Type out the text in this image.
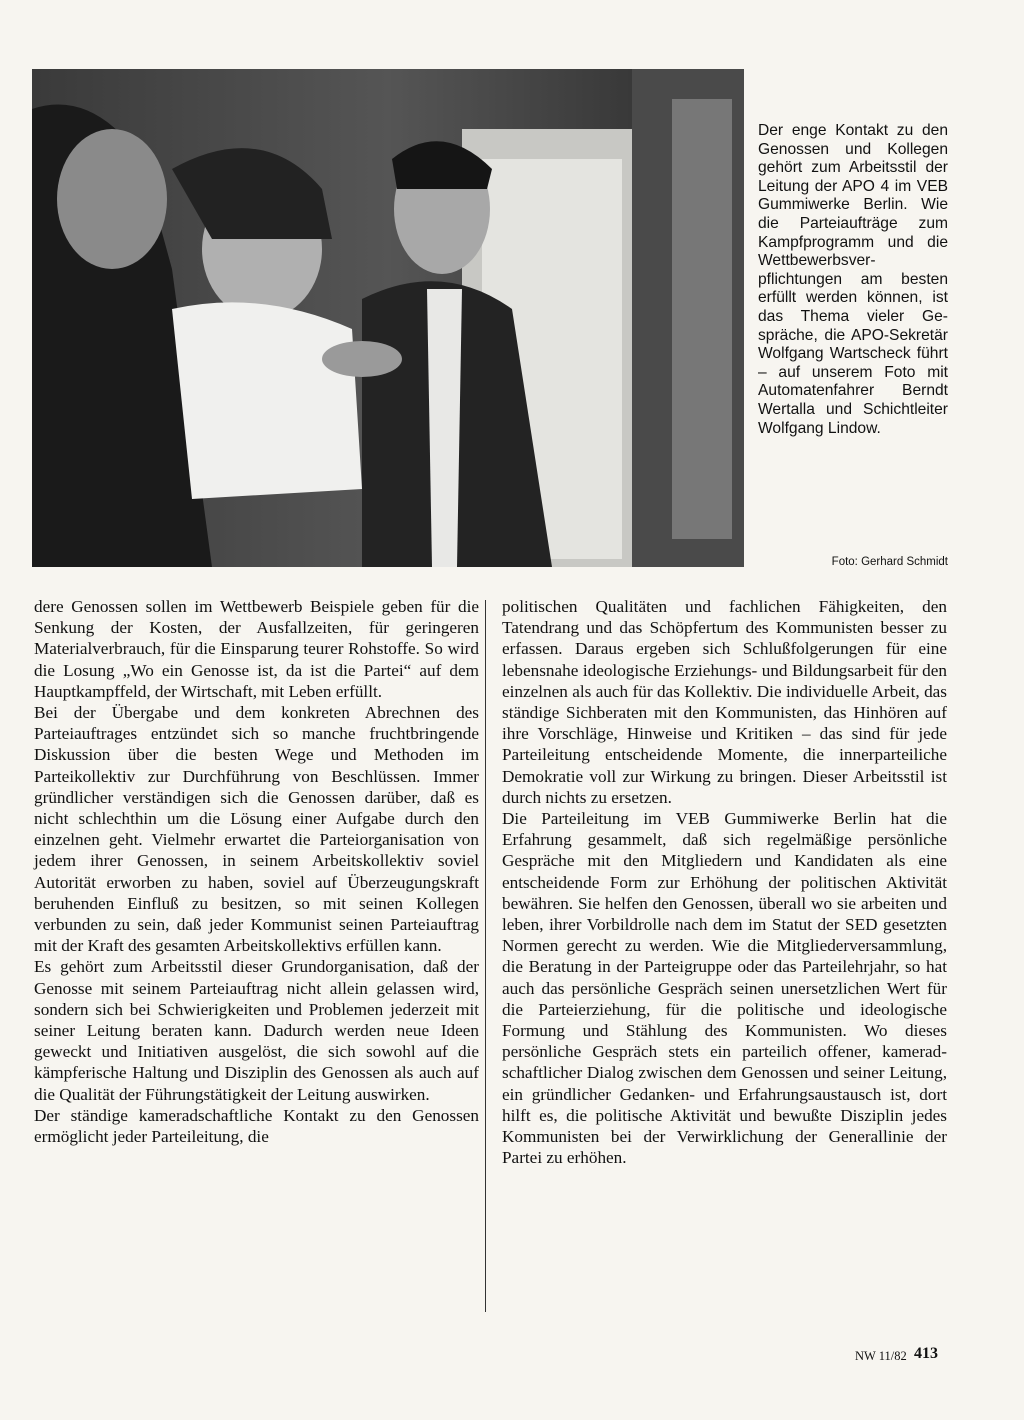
Der enge Kontakt zu den Genossen und Kollegen gehört zum Arbeitsstil der Leitung der APO 4 im VEB Gummiwerke Berlin. Wie die Parteiaufträge zum Kampfprogramm und die Wettbewerbsverpflichtungen am besten erfüllt werden können, ist das Thema vieler Gespräche, die APO-Sekretär Wolfgang Wartscheck führt – auf unserem Foto mit Automatenfahrer Berndt Wertalla und Schichtleiter Wolfgang Lindow.
Foto: Gerhard Schmidt

dere Genossen sollen im Wettbewerb Beispiele geben für die Senkung der Kosten, der Ausfallzeiten, für geringeren Materialverbrauch, für die Einsparung teurer Rohstoffe. So wird die Losung „Wo ein Genosse ist, da ist die Partei“ auf dem Hauptkampffeld, der Wirtschaft, mit Leben erfüllt.

Bei der Übergabe und dem konkreten Abrechnen des Parteiauftrages entzündet sich so manche fruchtbringende Diskussion über die besten Wege und Methoden im Parteikollektiv zur Durchführung von Beschlüssen. Immer gründlicher verständigen sich die Genossen darüber, daß es nicht schlechthin um die Lösung einer Aufgabe durch den einzelnen geht. Vielmehr erwartet die Parteiorganisation von jedem ihrer Genossen, in seinem Arbeitskollektiv soviel Autorität erworben zu haben, soviel auf Überzeugungskraft beruhenden Einfluß zu besitzen, so mit seinen Kollegen verbunden zu sein, daß jeder Kommunist seinen Parteiauftrag mit der Kraft des gesamten Arbeitskollektivs erfüllen kann.

Es gehört zum Arbeitsstil dieser Grundorganisation, daß der Genosse mit seinem Parteiauftrag nicht allein gelassen wird, sondern sich bei Schwierigkeiten und Problemen jederzeit mit seiner Leitung beraten kann. Dadurch werden neue Ideen geweckt und Initiativen ausgelöst, die sich sowohl auf die kämpferische Haltung und Disziplin des Genossen als auch auf die Qualität der Führungstätigkeit der Leitung auswirken.

Der ständige kameradschaftliche Kontakt zu den Genossen ermöglicht jeder Parteileitung, die

politischen Qualitäten und fachlichen Fähigkeiten, den Tatendrang und das Schöpfertum des Kommunisten besser zu erfassen. Daraus ergeben sich Schlußfolgerungen für eine lebensnahe ideologische Erziehungs- und Bildungsarbeit für den einzelnen als auch für das Kollektiv. Die individuelle Arbeit, das ständige Sichberaten mit den Kommunisten, das Hinhören auf ihre Vorschläge, Hinweise und Kritiken – das sind für jede Parteileitung entscheidende Momente, die innerparteiliche Demokratie voll zur Wirkung zu bringen. Dieser Arbeitsstil ist durch nichts zu ersetzen.

Die Parteileitung im VEB Gummiwerke Berlin hat die Erfahrung gesammelt, daß sich regelmäßige persönliche Gespräche mit den Mitgliedern und Kandidaten als eine entscheidende Form zur Erhöhung der politischen Aktivität bewähren. Sie helfen den Genossen, überall wo sie arbeiten und leben, ihrer Vorbildrolle nach dem im Statut der SED gesetzten Normen gerecht zu werden. Wie die Mitgliederversammlung, die Beratung in der Parteigruppe oder das Parteilehrjahr, so hat auch das persönliche Gespräch seinen unersetzlichen Wert für die Parteierziehung, für die politische und ideologische Formung und Stählung des Kommunisten. Wo dieses persönliche Gespräch stets ein parteilich offener, kameradschaftlicher Dialog zwischen dem Genossen und seiner Leitung, ein gründlicher Gedanken- und Erfahrungsaustausch ist, dort hilft es, die politische Aktivität und bewußte Disziplin jedes Kommunisten bei der Verwirklichung der Generallinie der Partei zu erhöhen.

NW 11/82 413
